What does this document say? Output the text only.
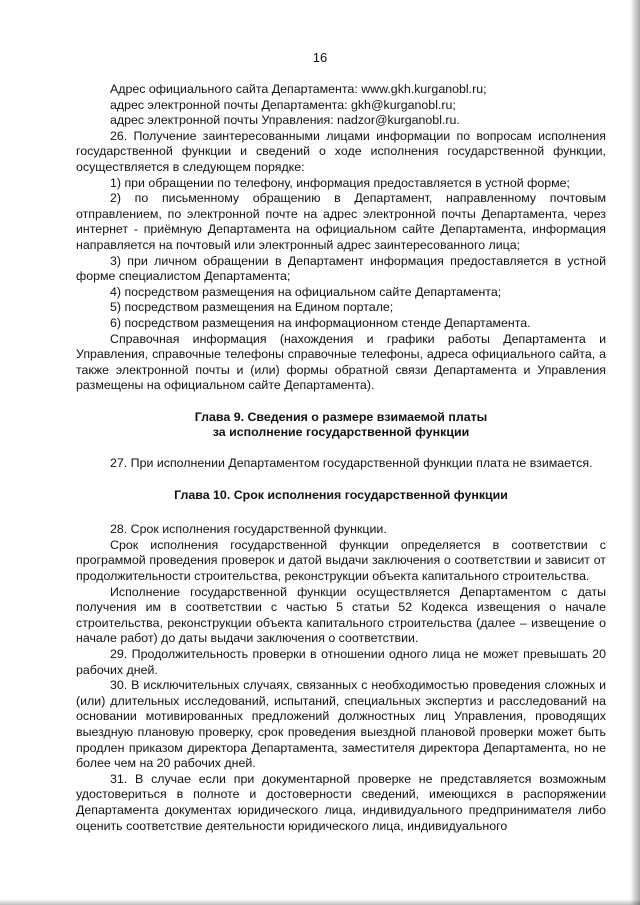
16

Адрес официального сайта Департамента: www.gkh.kurganobl.ru;

адрес электронной почты Департамента: gkh@kurganobl.ru;

адрес электронной почты Управления: nadzor@kurganobl.ru.

26. Получение заинтересованными лицами информации по вопросам исполнения государственной функции и сведений о ходе исполнения государственной функции, осуществляется в следующем порядке:

1) при обращении по телефону, информация предоставляется в устной форме;

2) по письменному обращению в Департамент, направленному почтовым отправлением, по электронной почте на адрес электронной почты Департамента, через интернет - приёмную Департамента на официальном сайте Департамента, информация направляется на почтовый или электронный адрес заинтересованного лица;

3) при личном обращении в Департамент информация предоставляется в устной форме специалистом Департамента;

4) посредством размещения на официальном сайте Департамента;

5) посредством размещения на Едином портале;

6) посредством размещения на информационном стенде Департамента.

Справочная информация (нахождения и графики работы Департамента и Управления, справочные телефоны справочные телефоны, адреса официального сайта, а также электронной почты и (или) формы обратной связи Департамента и Управления размещены на официальном сайте Департамента).

Глава 9. Сведения о размере взимаемой платы

за исполнение государственной функции

27. При исполнении Департаментом государственной функции плата не взимается.

Глава 10. Срок исполнения государственной функции

28. Срок исполнения государственной функции.

Срок исполнения государственной функции определяется в соответствии с программой проведения проверок и датой выдачи заключения о соответствии и зависит от продолжительности строительства, реконструкции объекта капитального строительства.

Исполнение государственной функции осуществляется Департаментом с даты получения им в соответствии с частью 5 статьи 52 Кодекса извещения о начале строительства, реконструкции объекта капитального строительства (далее – извещение о начале работ) до даты выдачи заключения о соответствии.

29. Продолжительность проверки в отношении одного лица не может превышать 20 рабочих дней.

30. В исключительных случаях, связанных с необходимостью проведения сложных и (или) длительных исследований, испытаний, специальных экспертиз и расследований на основании мотивированных предложений должностных лиц Управления, проводящих выездную плановую проверку, срок проведения выездной плановой проверки может быть продлен приказом директора Департамента, заместителя директора Департамента, но не более чем на 20 рабочих дней.

31. В случае если при документарной проверке не представляется возможным удостовериться в полноте и достоверности сведений, имеющихся в распоряжении Департамента документах юридического лица, индивидуального предпринимателя либо оценить соответствие деятельности юридического лица, индивидуального
